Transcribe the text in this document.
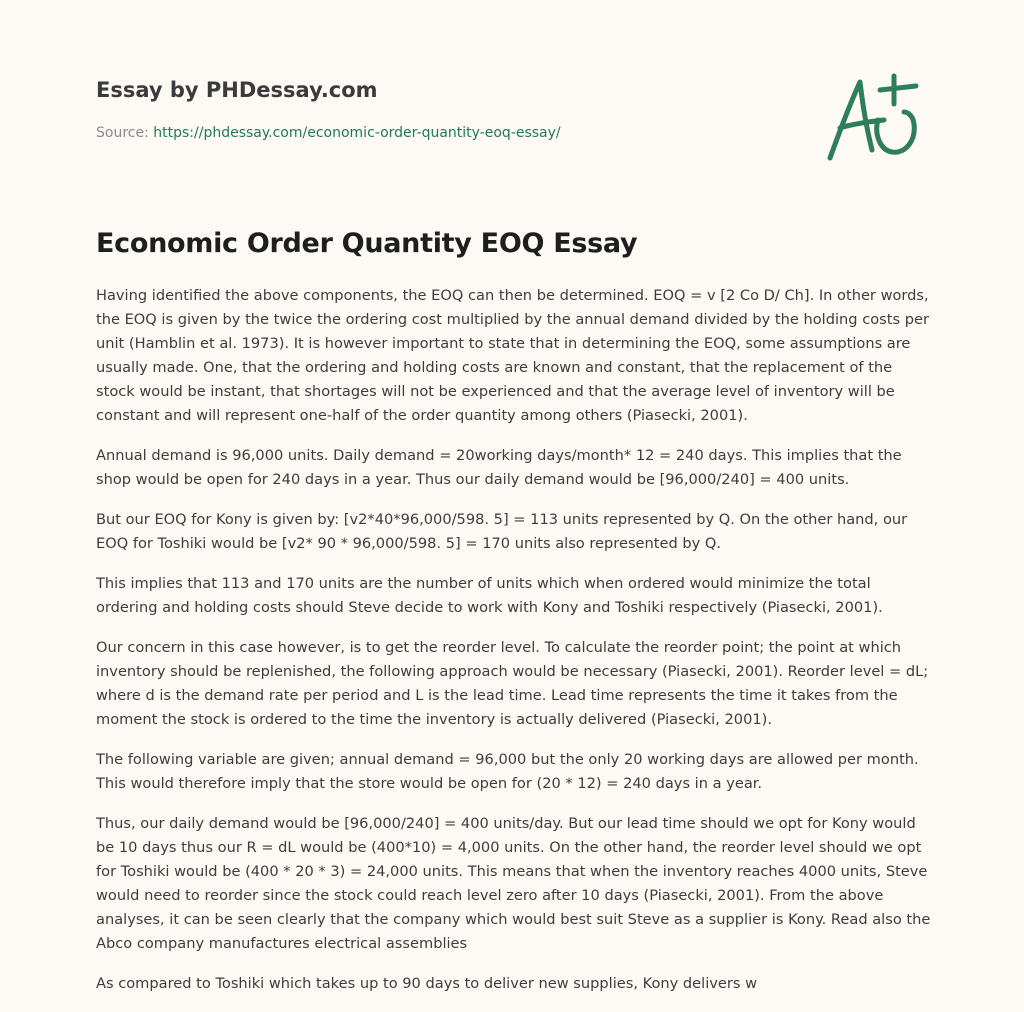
Essay by PHDessay.com
Source: https://phdessay.com/economic-order-quantity-eoq-essay/
Economic Order Quantity EOQ Essay

Having identified the above components, the EOQ can then be determined. EOQ = v [2 Co D/ Ch]. In other words, the EOQ is given by the twice the ordering cost multiplied by the annual demand divided by the holding costs per unit (Hamblin et al. 1973). It is however important to state that in determining the EOQ, some assumptions are usually made. One, that the ordering and holding costs are known and constant, that the replacement of the stock would be instant, that shortages will not be experienced and that the average level of inventory will be constant and will represent one-half of the order quantity among others (Piasecki, 2001).

Annual demand is 96,000 units. Daily demand = 20working days/month* 12 = 240 days. This implies that the shop would be open for 240 days in a year. Thus our daily demand would be [96,000/240] = 400 units.

But our EOQ for Kony is given by: [v2*40*96,000/598. 5] = 113 units represented by Q. On the other hand, our EOQ for Toshiki would be [v2* 90 * 96,000/598. 5] = 170 units also represented by Q.

This implies that 113 and 170 units are the number of units which when ordered would minimize the total ordering and holding costs should Steve decide to work with Kony and Toshiki respectively (Piasecki, 2001).

Our concern in this case however, is to get the reorder level. To calculate the reorder point; the point at which inventory should be replenished, the following approach would be necessary (Piasecki, 2001). Reorder level = dL; where d is the demand rate per period and L is the lead time. Lead time represents the time it takes from the moment the stock is ordered to the time the inventory is actually delivered (Piasecki, 2001).

The following variable are given; annual demand = 96,000 but the only 20 working days are allowed per month. This would therefore imply that the store would be open for (20 * 12) = 240 days in a year.

Thus, our daily demand would be [96,000/240] = 400 units/day. But our lead time should we opt for Kony would be 10 days thus our R = dL would be (400*10) = 4,000 units. On the other hand, the reorder level should we opt for Toshiki would be (400 * 20 * 3) = 24,000 units. This means that when the inventory reaches 4000 units, Steve would need to reorder since the stock could reach level zero after 10 days (Piasecki, 2001). From the above analyses, it can be seen clearly that the company which would best suit Steve as a supplier is Kony. Read also the Abco company manufactures electrical assemblies

As compared to Toshiki which takes up to 90 days to deliver new supplies, Kony delivers w
